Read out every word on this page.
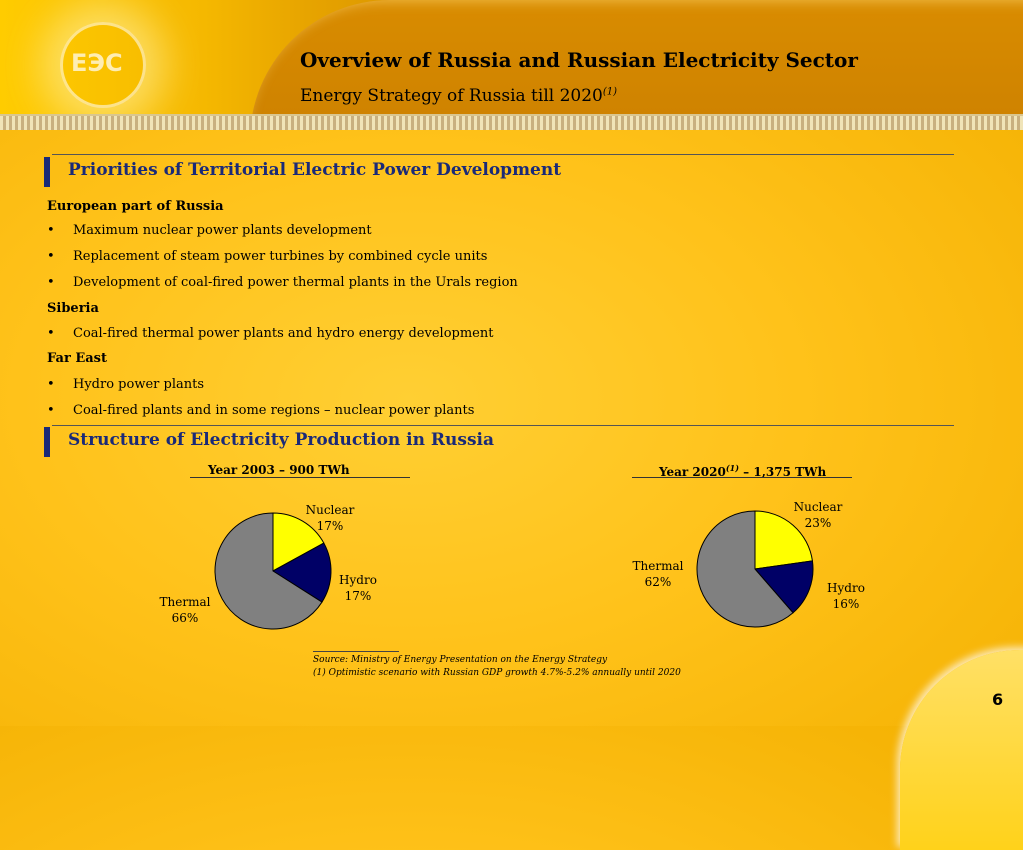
ЕЭС	Overview of Russia and Russian Electricity Sector
Energy Strategy of Russia till 2020$^{(1)}$
Priorities of Territorial Electric Power Development
European part of Russia
• Maximum nuclear power plants development
• Replacement of steam power turbines by combined cycle units
• Development of coal-fired power thermal plants in the Urals region
Siberia
• Coal-fired thermal power plants and hydro energy development
Far East
• Hydro power plants
• Coal-fired plants and in some regions – nuclear power plants
Structure of Electricity Production in Russia
Year 2003 – 900 TWh
Nuclear
17%
Hydro
17%
Thermal
66%
Year 2020$^{(1)}$ – 1,375 TWh
Nuclear
23%
Hydro
16%
Thermal
62%
Source: Ministry of Energy Presentation on the Energy Strategy
(1) Optimistic scenario with Russian GDP growth 4.7%-5.2% annually until 2020
6
